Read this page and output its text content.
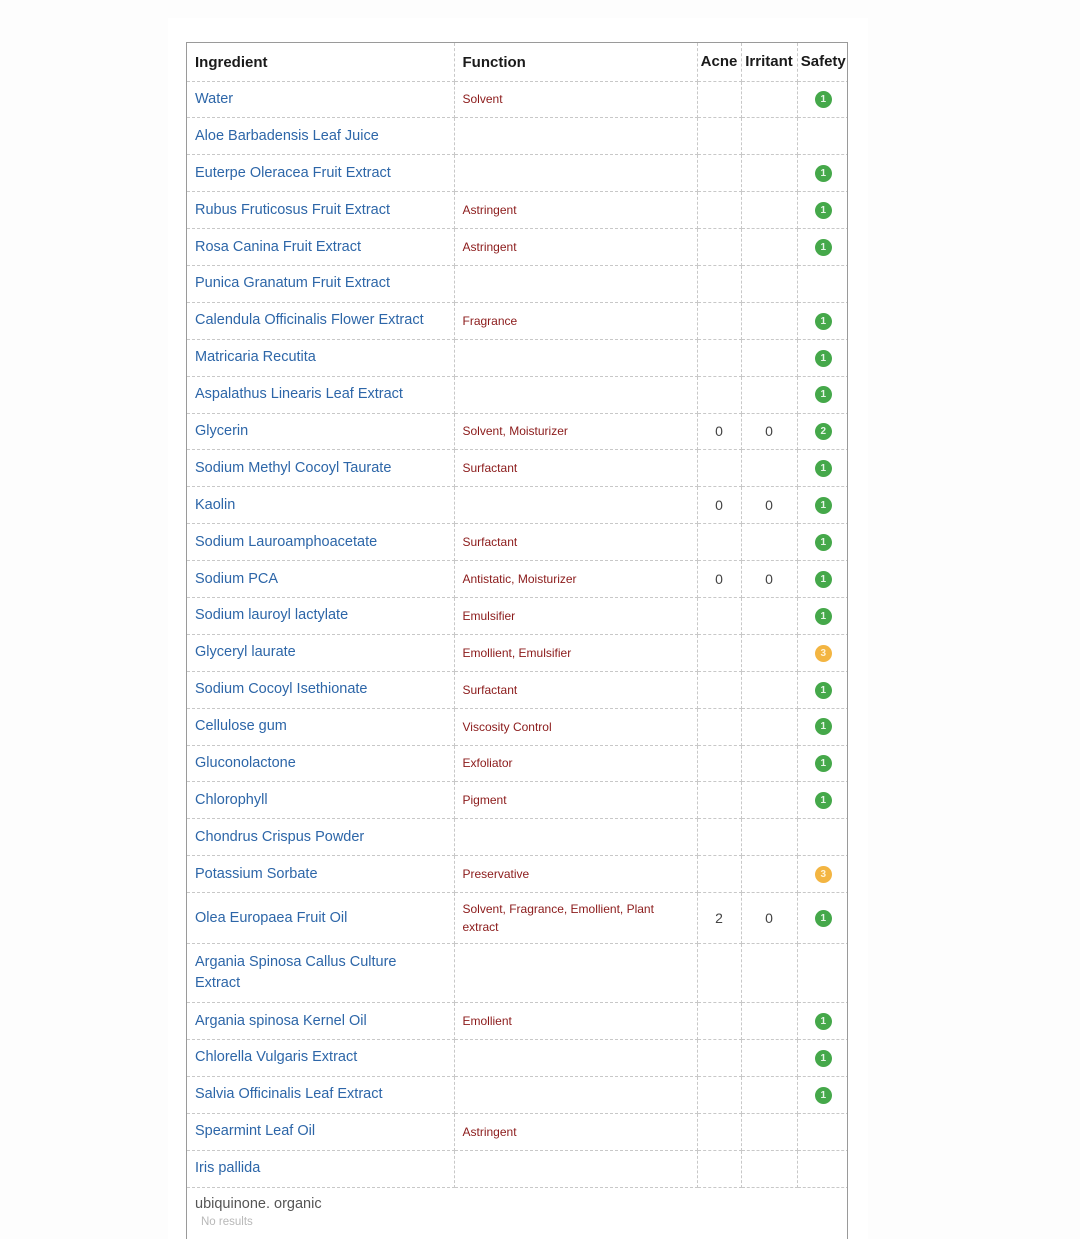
Ingredient	Function	Acne	Irritant	Safety
Water	Solvent			1
Aloe Barbadensis Leaf Juice				
Euterpe Oleracea Fruit Extract				1
Rubus Fruticosus Fruit Extract	Astringent			1
Rosa Canina Fruit Extract	Astringent			1
Punica Granatum Fruit Extract				
Calendula Officinalis Flower Extract	Fragrance			1
Matricaria Recutita				1
Aspalathus Linearis Leaf Extract				1
Glycerin	Solvent, Moisturizer	0	0	2
Sodium Methyl Cocoyl Taurate	Surfactant			1
Kaolin		0	0	1
Sodium Lauroamphoacetate	Surfactant			1
Sodium PCA	Antistatic, Moisturizer	0	0	1
Sodium lauroyl lactylate	Emulsifier			1
Glyceryl laurate	Emollient, Emulsifier			3
Sodium Cocoyl Isethionate	Surfactant			1
Cellulose gum	Viscosity Control			1
Gluconolactone	Exfoliator			1
Chlorophyll	Pigment			1
Chondrus Crispus Powder				
Potassium Sorbate	Preservative			3
Olea Europaea Fruit Oil	Solvent, Fragrance, Emollient, Plant extract	2	0	1
Argania Spinosa Callus Culture Extract				
Argania spinosa Kernel Oil	Emollient			1
Chlorella Vulgaris Extract				1
Salvia Officinalis Leaf Extract				1
Spearmint Leaf Oil	Astringent			
Iris pallida				

ubiquinone. organic
No results				
